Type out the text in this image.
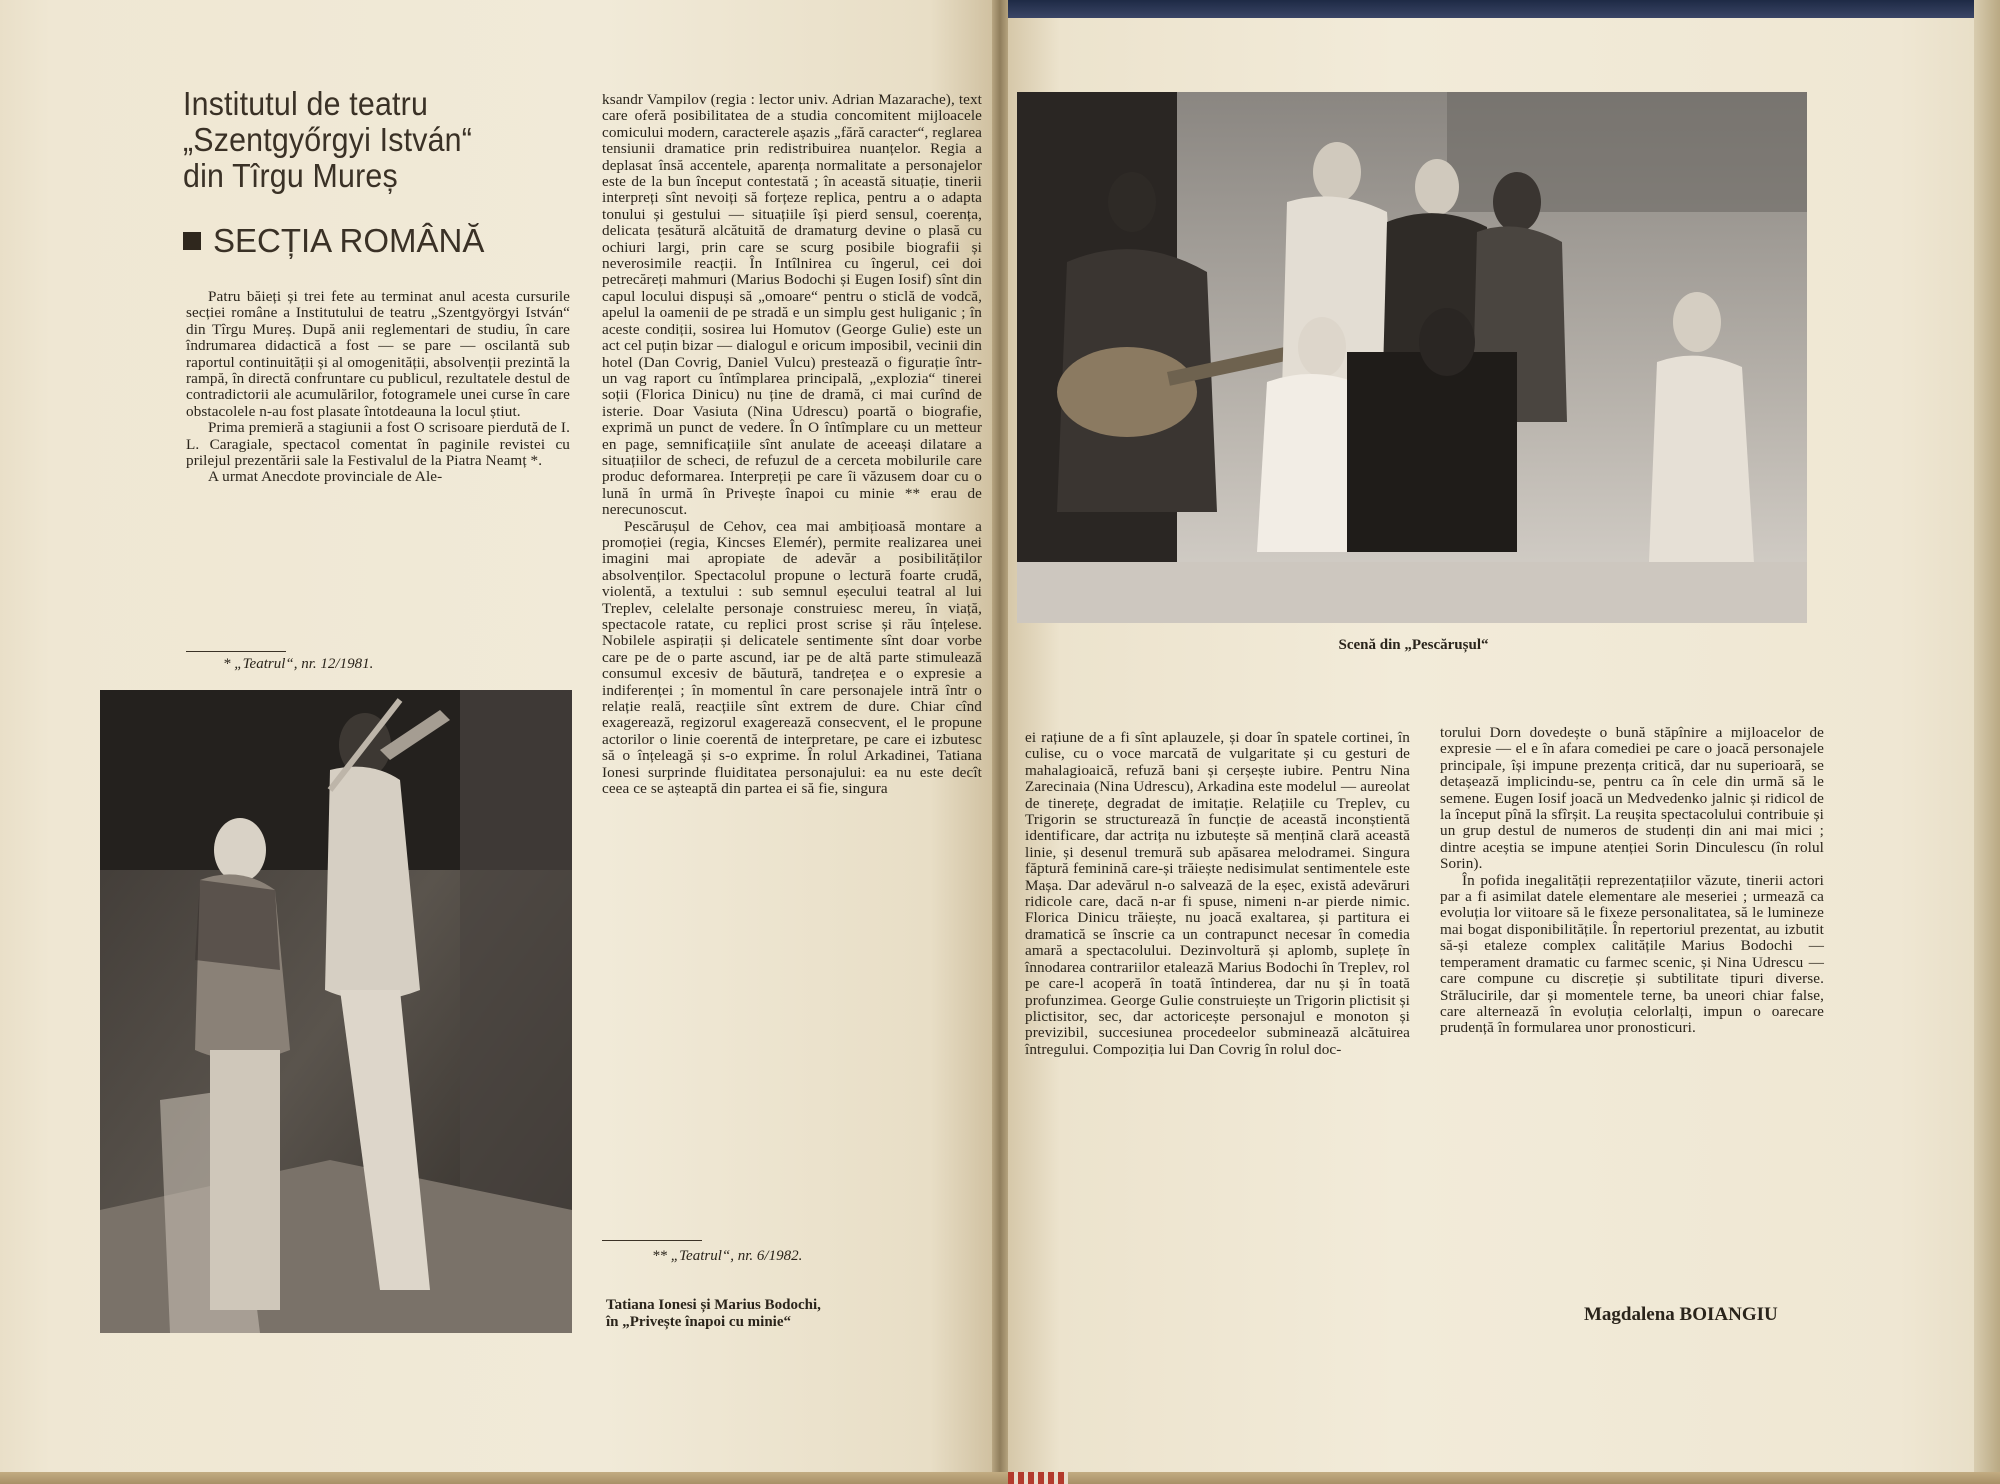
Institutul de teatru
„Szentgyőrgyi István“
din Tîrgu Mureș
SECȚIA ROMÂNĂ

Patru băieți și trei fete au terminat anul acesta cursurile secției române a Institutului de teatru „Szentgyörgyi István“ din Tîrgu Mureș. După anii reglementari de studiu, în care îndrumarea didactică a fost — se pare — oscilantă sub raportul continuității și al omogenității, absolvenții prezintă la rampă, în directă confruntare cu publicul, rezultatele destul de contradictorii ale acumulărilor, fotogramele unei curse în care obstacolele n-au fost plasate întotdeauna la locul știut.

Prima premieră a stagiunii a fost O scrisoare pierdută de I. L. Caragiale, spectacol comentat în paginile revistei cu prilejul prezentării sale la Festivalul de la Piatra Neamț *.

A urmat Anecdote provinciale de Ale-

* „Teatrul“, nr. 12/1981.

ksandr Vampilov (regia : lector univ. Adrian Mazarache), text care oferă posibilitatea de a studia concomitent mijloacele comicului modern, caracterele așazis „fără caracter“, reglarea tensiunii dramatice prin redistribuirea nuanțelor. Regia a deplasat însă accentele, aparența normalitate a personajelor este de la bun început contestată ; în această situație, tinerii interpreți sînt nevoiți să forțeze replica, pentru a o adapta tonului și gestului — situațiile își pierd sensul, coerența, delicata țesătură alcătuită de dramaturg devine o plasă cu ochiuri largi, prin care se scurg posibile biografii și neverosimile reacții. În Intîlnirea cu îngerul, cei doi petrecăreți mahmuri (Marius Bodochi și Eugen Iosif) sînt din capul locului dispuși să „omoare“ pentru o sticlă de vodcă, apelul la oamenii de pe stradă e un simplu gest huliganic ; în aceste condiții, sosirea lui Homutov (George Gulie) este un act cel puțin bizar — dialogul e oricum imposibil, vecinii din hotel (Dan Covrig, Daniel Vulcu) prestează o figurație într-un vag raport cu întîmplarea principală, „explozia“ tinerei soții (Florica Dinicu) nu ține de dramă, ci mai curînd de isterie. Doar Vasiuta (Nina Udrescu) poartă o biografie, exprimă un punct de vedere. În O întîmplare cu un metteur en page, semnificațiile sînt anulate de aceeași dilatare a situațiilor de scheci, de refuzul de a cerceta mobilurile care produc deformarea. Interpreții pe care îi văzusem doar cu o lună în urmă în Privește înapoi cu minie ** erau de nerecunoscut.

Pescărușul de Cehov, cea mai ambițioasă montare a promoției (regia, Kincses Elemér), permite realizarea unei imagini mai apropiate de adevăr a posibilităților absolvenților. Spectacolul propune o lectură foarte crudă, violentă, a textului : sub semnul eșecului teatral al lui Treplev, celelalte personaje construiesc mereu, în viață, spectacole ratate, cu replici prost scrise și rău înțelese. Nobilele aspirații și delicatele sentimente sînt doar vorbe care pe de o parte ascund, iar pe de altă parte stimulează consumul excesiv de băutură, tandrețea e o expresie a indiferenței ; în momentul în care personajele intră într o relație reală, reacțiile sînt extrem de dure. Chiar cînd exagerează, regizorul exagerează consecvent, el le propune actorilor o linie coerentă de interpretare, pe care ei izbutesc să o înțeleagă și s-o exprime. În rolul Arkadinei, Tatiana Ionesi surprinde fluiditatea personajului: ea nu este decît ceea ce se așteaptă din partea ei să fie, singura

** „Teatrul“, nr. 6/1982.
Tatiana Ionesi și Marius Bodochi,
în „Privește înapoi cu minie“
Scenă din „Pescărușul“

ei rațiune de a fi sînt aplauzele, și doar în spatele cortinei, în culise, cu o voce marcată de vulgaritate și cu gesturi de mahalagioaică, refuză bani și cerșește iubire. Pentru Nina Zarecinaia (Nina Udrescu), Arkadina este modelul — aureolat de tinerețe, degradat de imitație. Relațiile cu Treplev, cu Trigorin se structurează în funcție de această inconștientă identificare, dar actrița nu izbutește să mențină clară această linie, și desenul tremură sub apăsarea melodramei. Singura făptură feminină care-și trăiește nedisimulat sentimentele este Mașa. Dar adevărul n-o salvează de la eșec, există adevăruri ridicole care, dacă n-ar fi spuse, nimeni n-ar pierde nimic. Florica Dinicu trăiește, nu joacă exaltarea, și partitura ei dramatică se înscrie ca un contrapunct necesar în comedia amară a spectacolului. Dezinvoltură și aplomb, suplețe în înnodarea contrariilor etalează Marius Bodochi în Treplev, rol pe care-l acoperă în toată întinderea, dar nu și în toată profunzimea. George Gulie construiește un Trigorin plictisit și plictisitor, sec, dar actoricește personajul e monoton și previzibil, succesiunea procedeelor subminează alcătuirea întregului. Compoziția lui Dan Covrig în rolul doc-

torului Dorn dovedește o bună stăpînire a mijloacelor de expresie — el e în afara comediei pe care o joacă personajele principale, își impune prezența critică, dar nu superioară, se detașează implicindu-se, pentru ca în cele din urmă să le semene. Eugen Iosif joacă un Medvedenko jalnic și ridicol de la început pînă la sfîrșit. La reușita spectacolului contribuie și un grup destul de numeros de studenți din ani mai mici ; dintre aceștia se impune atenției Sorin Dinculescu (în rolul Sorin).

În pofida inegalității reprezentațiilor văzute, tinerii actori par a fi asimilat datele elementare ale meseriei ; urmează ca evoluția lor viitoare să le fixeze personalitatea, să le lumineze mai bogat disponibilitățile. În repertoriul prezentat, au izbutit să-și etaleze complex calitățile Marius Bodochi — temperament dramatic cu farmec scenic, și Nina Udrescu — care compune cu discreție și subtilitate tipuri diverse. Strălucirile, dar și momentele terne, ba uneori chiar false, care alternează în evoluția celorlalți, impun o oarecare prudență în formularea unor pronosticuri.

Magdalena BOIANGIU
